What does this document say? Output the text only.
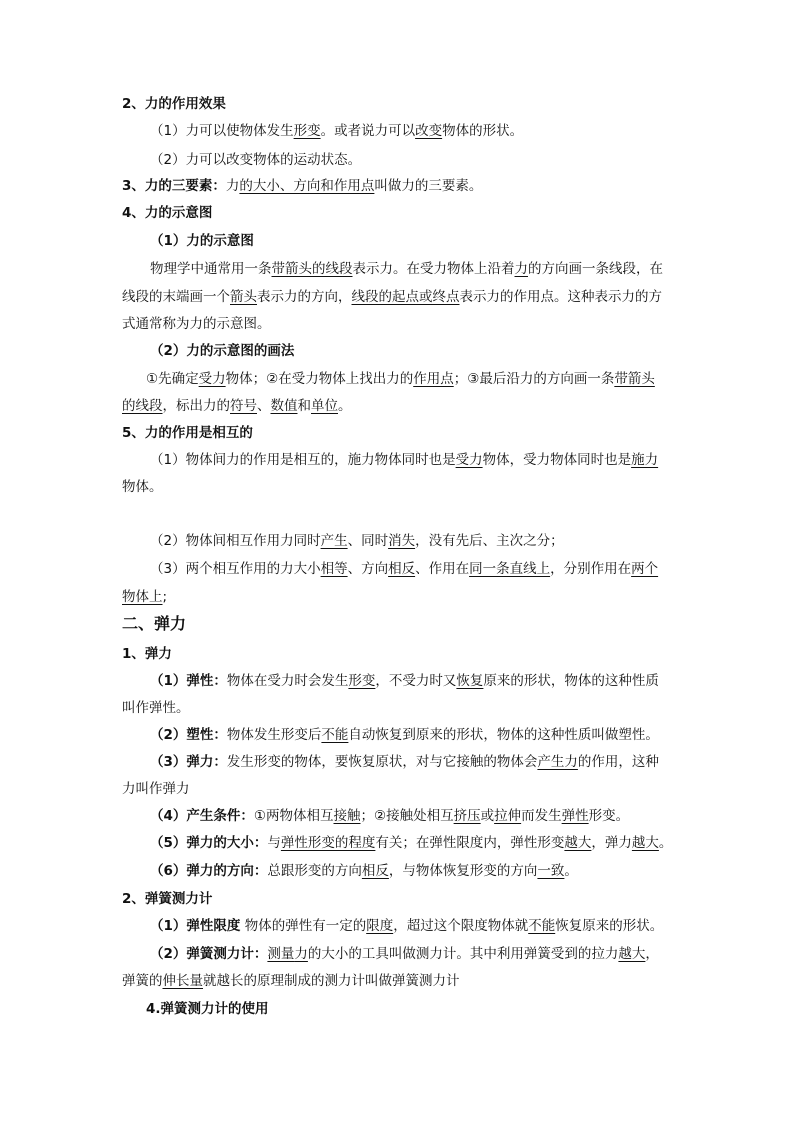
2、力的作用效果
（1）力可以使物体发生形变。或者说力可以改变物体的形状。
（2）力可以改变物体的运动状态。
3、力的三要素：力的大小、方向和作用点叫做力的三要素。
4、力的示意图
（1）力的示意图
物理学中通常用一条带箭头的线段表示力。在受力物体上沿着力的方向画一条线段，在
线段的末端画一个箭头表示力的方向，线段的起点或终点表示力的作用点。这种表示力的方
式通常称为力的示意图。
（2）力的示意图的画法
①先确定受力物体；②在受力物体上找出力的作用点；③最后沿力的方向画一条带箭头
的线段，标出力的符号、数值和单位。
5、力的作用是相互的
（1）物体间力的作用是相互的，施力物体同时也是受力物体，受力物体同时也是施力
物体。
（2）物体间相互作用力同时产生、同时消失，没有先后、主次之分；
（3）两个相互作用的力大小相等、方向相反、作用在同一条直线上，分别作用在两个
物体上;
二、弹力
1、弹力
（1）弹性：物体在受力时会发生形变，不受力时又恢复原来的形状，物体的这种性质
叫作弹性。
（2）塑性：物体发生形变后不能自动恢复到原来的形状，物体的这种性质叫做塑性。
（3）弹力：发生形变的物体，要恢复原状，对与它接触的物体会产生力的作用，这种
力叫作弹力
（4）产生条件：①两物体相互接触；②接触处相互挤压或拉伸而发生弹性形变。
（5）弹力的大小：与弹性形变的程度有关；在弹性限度内，弹性形变越大，弹力越大。
（6）弹力的方向：总跟形变的方向相反，与物体恢复形变的方向一致。
2、弹簧测力计
（1）弹性限度 物体的弹性有一定的限度，超过这个限度物体就不能恢复原来的形状。
（2）弹簧测力计：测量力的大小的工具叫做测力计。其中利用弹簧受到的拉力越大，
弹簧的伸长量就越长的原理制成的测力计叫做弹簧测力计
4.弹簧测力计的使用
